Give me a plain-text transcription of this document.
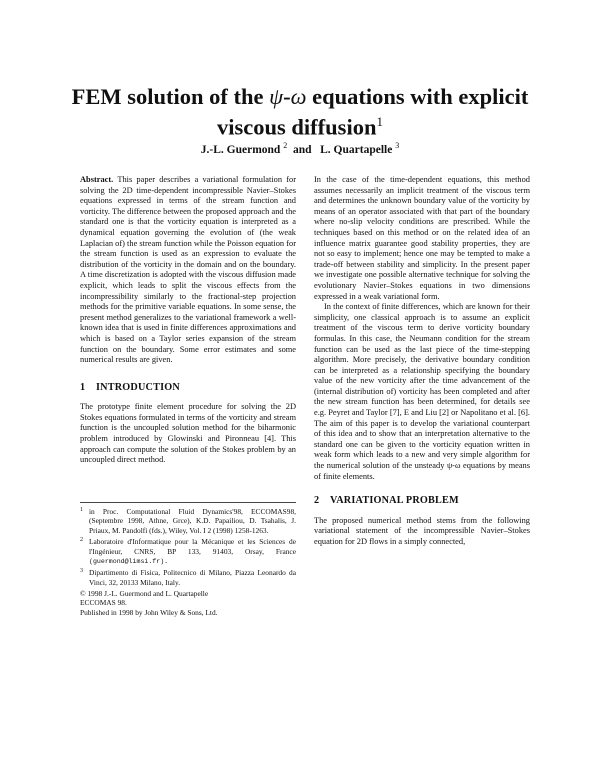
FEM solution of the ψ-ω equations with explicit
viscous diffusion$^1$
J.-L. Guermond $^2$ and L. Quartapelle $^3$

Abstract. This paper describes a variational formulation for solving the 2D time-dependent incompressible Navier–Stokes equations expressed in terms of the stream function and vorticity. The difference between the proposed approach and the standard one is that the vorticity equation is interpreted as a dynamical equation governing the evolution of (the weak Laplacian of) the stream function while the Poisson equation for the stream function is used as an expression to evaluate the distribution of the vorticity in the domain and on the boundary. A time discretization is adopted with the viscous diffusion made explicit, which leads to split the viscous effects from the incompressibility similarly to the fractional-step projection methods for the primitive variable equations. In some sense, the present method generalizes to the variational framework a well-known idea that is used in finite differences approximations and which is based on a Taylor series expansion of the stream function on the boundary. Some error estimates and some numerical results are given.

1 INTRODUCTION

The prototype finite element procedure for solving the 2D Stokes equations formulated in terms of the vorticity and stream function is the uncoupled solution method for the biharmonic problem introduced by Glowinski and Pironneau [4]. This approach can compute the solution of the Stokes problem by an uncoupled direct method.

1 in Proc. Computational Fluid Dynamics'98, ECCOMAS98, (Septembre 1998, Athne, Grce), K.D. Papailiou, D. Tsahalis, J. Priaux, M. Pandolfi (fds.), Wiley, Vol. I 2 (1998) 1258-1263.
2 Laboratoire d'Informatique pour la Mécanique et les Sciences de l'Ingénieur, CNRS, BP 133, 91403, Orsay, France (guermond@limsi.fr).
3 Dipartimento di Fisica, Politecnico di Milano, Piazza Leonardo da Vinci, 32, 20133 Milano, Italy.
© 1998 J.-L. Guermond and L. Quartapelle
ECCOMAS 98.
Published in 1998 by John Wiley & Sons, Ltd.

In the case of the time-dependent equations, this method assumes necessarily an implicit treatment of the viscous term and determines the unknown boundary value of the vorticity by means of an operator associated with that part of the boundary where no-slip velocity conditions are prescribed. While the techniques based on this method or on the related idea of an influence matrix guarantee good stability properties, they are not so easy to implement; hence one may be tempted to make a trade-off between stability and simplicity. In the present paper we investigate one possible alternative technique for solving the evolutionary Navier–Stokes equations in two dimensions expressed in a weak variational form.

In the context of finite differences, which are known for their simplicity, one classical approach is to assume an explicit treatment of the viscous term to derive vorticity boundary formulas. In this case, the Neumann condition for the stream function can be used as the last piece of the time-stepping algorithm. More precisely, the derivative boundary condition can be interpreted as a relationship specifying the boundary value of the new vorticity after the time advancement of the (internal distribution of) vorticity has been completed and after the new stream function has been determined, for details see e.g. Peyret and Taylor [7], E and Liu [2] or Napolitano et al. [6]. The aim of this paper is to develop the variational counterpart of this idea and to show that an interpretation alternative to the standard one can be given to the vorticity equation written in weak form which leads to a new and very simple algorithm for the numerical solution of the unsteady ψ-ω equations by means of finite elements.

2 VARIATIONAL PROBLEM

The proposed numerical method stems from the following variational statement of the incompressible Navier–Stokes equation for 2D flows in a simply connected,
